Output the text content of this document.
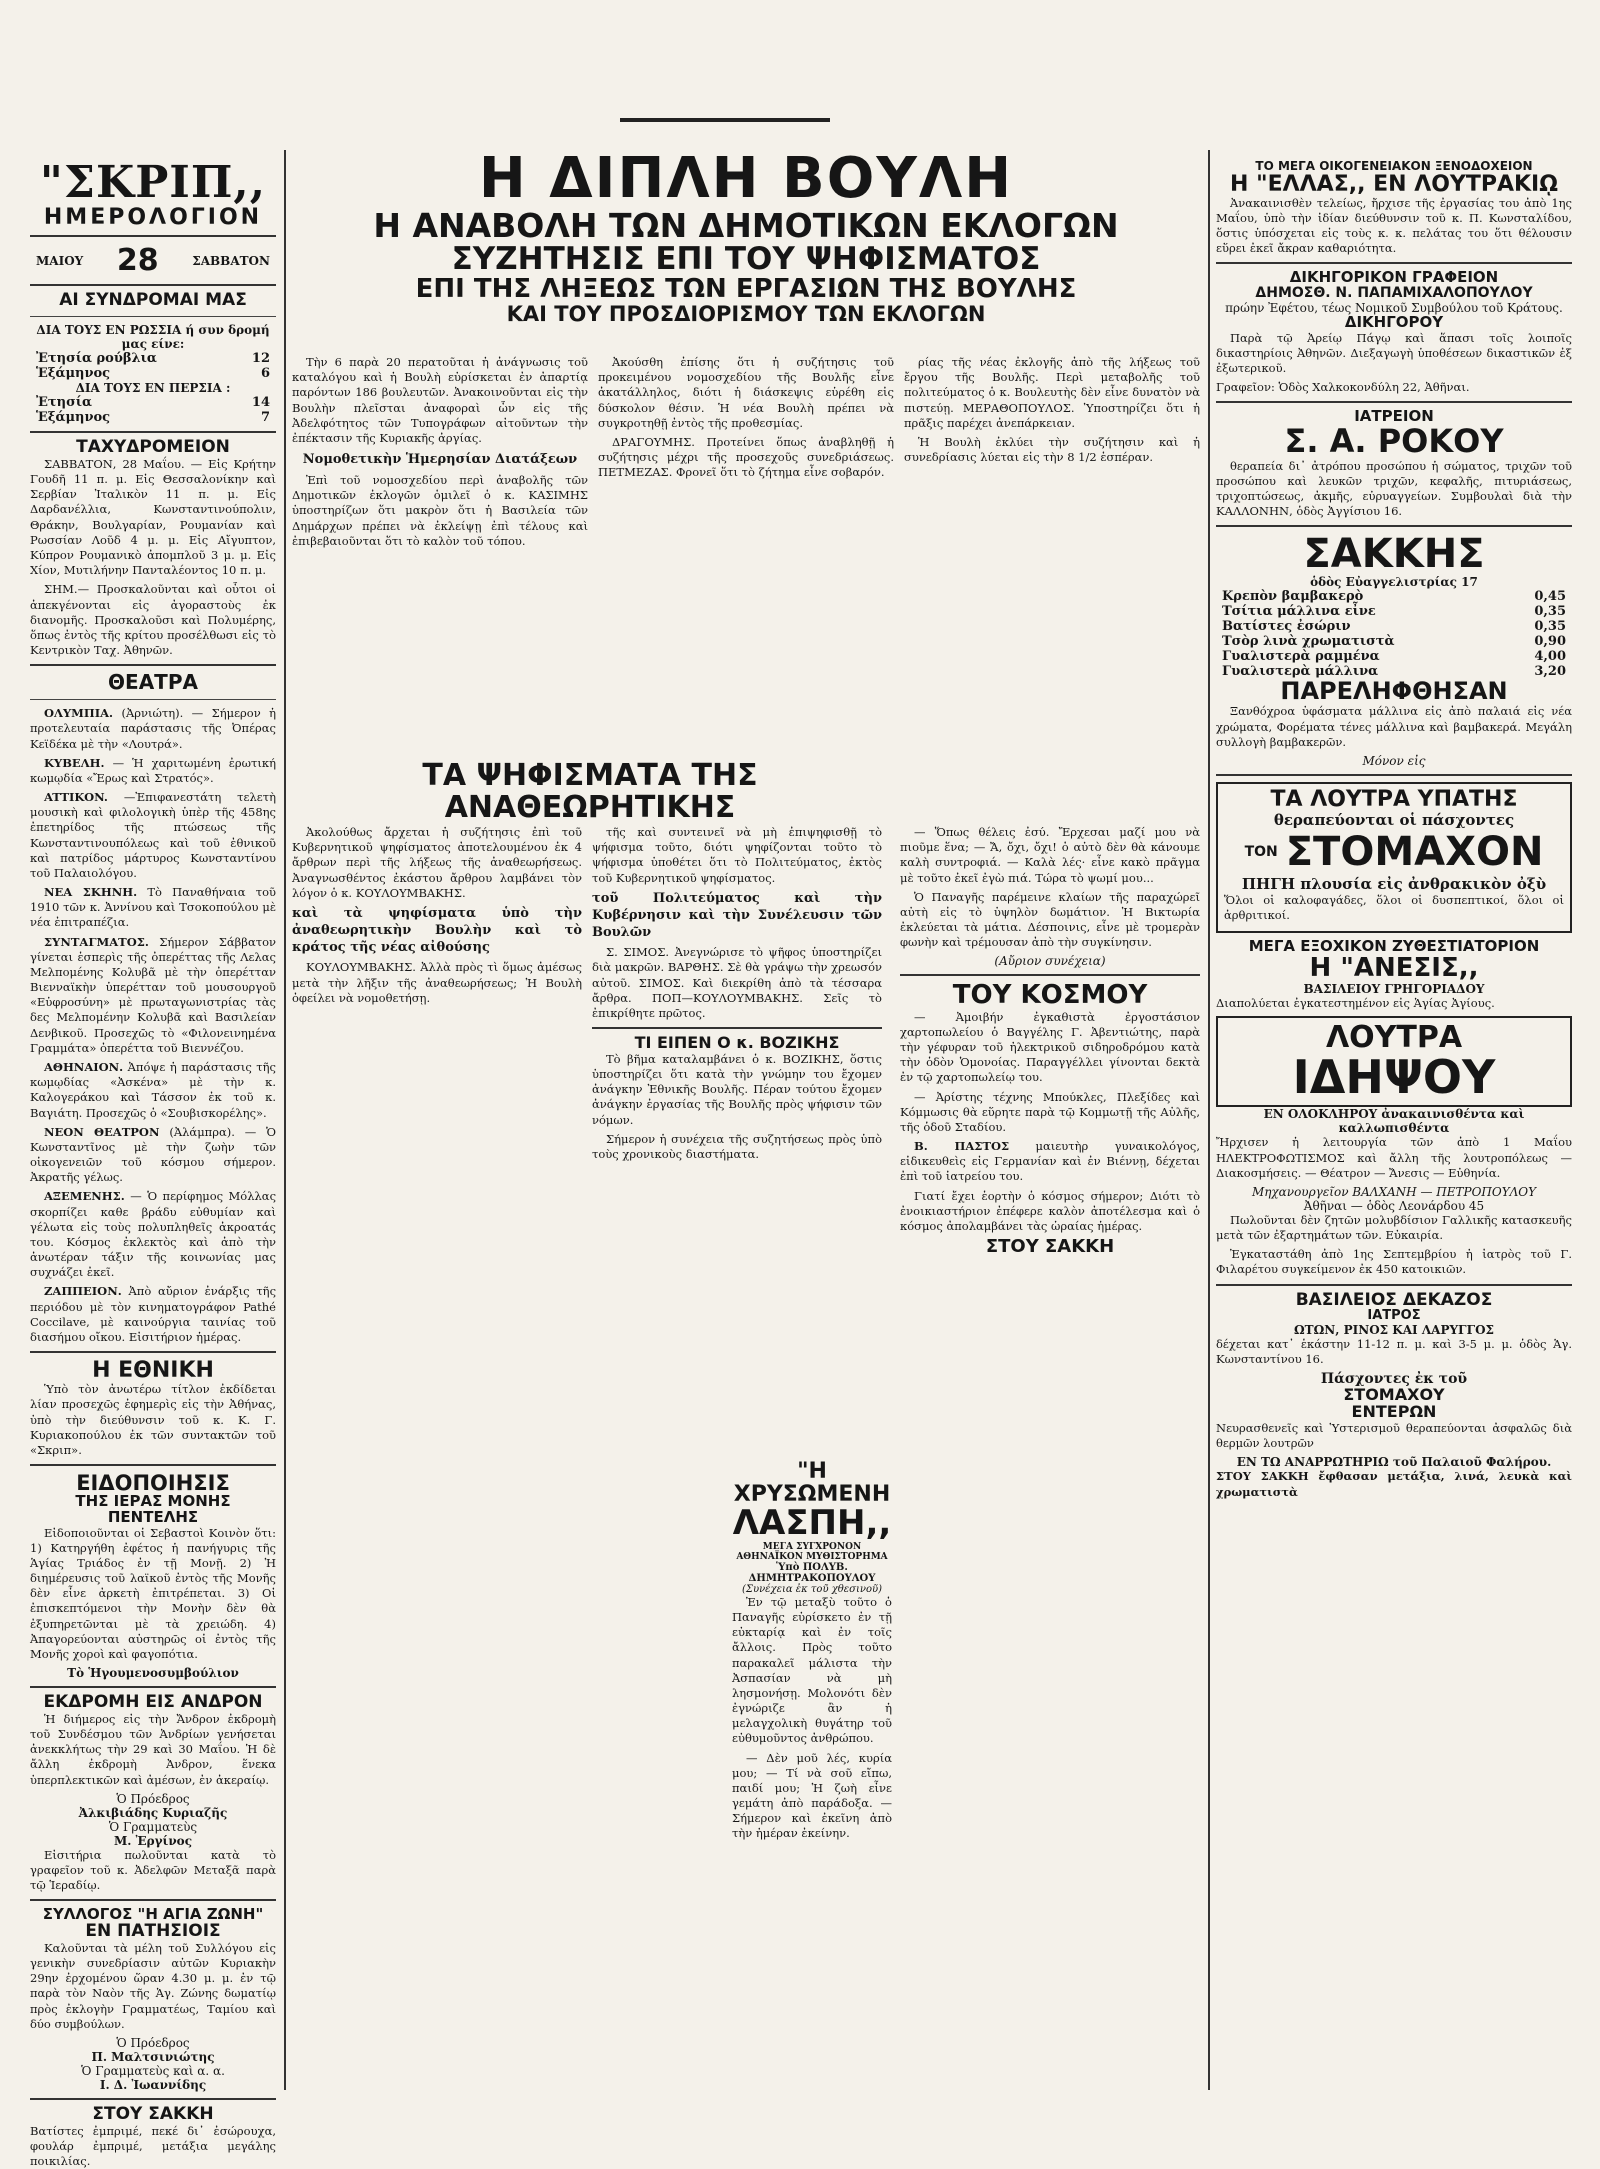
"ΣΚΡΙΠ,,
ΗΜΕΡΟΛΟΓΙΟΝ
ΜΑΙΟΥ 28	ΣΑΒΒΑΤΟΝ
ΑΙ ΣΥΝΔΡΟΜΑΙ ΜΑΣ
ΔΙΑ ΤΟΥΣ ΕΝ ΡΩΣΣΙΑ ή συν δρομή μας είνε:
Ἐτησία ρούβλια	12
Ἑξάμηνος	6
ΔΙΑ ΤΟΥΣ ΕΝ ΠΕΡΣΙΑ :
Ἐτησία	14
Ἑξάμηνος	7
ΤΑΧΥΔΡΟΜΕΙΟΝ

ΣΑΒΒΑΤΟΝ, 28 Μαΐου. — Εἰς Κρήτην Γουδῆ 11 π. μ. Εἰς Θεσσαλονίκην καὶ Σερβίαν Ἰταλικὸν 11 π. μ. Εἰς Δαρδανέλλια, Κωνσταντινούπολιν, Θράκην, Βουλγαρίαν, Ρουμανίαν καὶ Ρωσσίαν Λοῦδ 4 μ. μ. Εἰς Αἴγυπτον, Κύπρον Ρουμανικὸ ἀπομπλοῦ 3 μ. μ. Εἰς Χίον, Μυτιλήνην Πανταλέοντος 10 π. μ.

ΣΗΜ.— Προσκαλοῦνται καὶ οὗτοι οἱ ἀπεκγένονται εἰς ἀγοραστοὺς ἐκ διανομῆς. Προσκαλοῦσι καὶ Πολυμέρης, ὅπως ἐντὸς τῆς κρίτου προσέλθωσι εἰς τὸ Κεντρικὸν Ταχ. Ἀθηνῶν.

ΘΕΑΤΡΑ

ΟΛΥΜΠΙΑ. (Ἀρνιώτη). — Σήμερον ἡ προτελευταία παράστασις τῆς Ὀπέρας Κεϊδέκα μὲ τὴν «Λουτρά».

ΚΥΒΕΛΗ. — Ἡ χαριτωμένη ἐρωτική κωμῳδία «Ἔρως καὶ Στρατός».

ATTIKON. —Ἐπιφανεστάτη τελετὴ μουσικὴ καὶ φιλολογικὴ ὑπὲρ τῆς 458ης ἐπετηρίδος τῆς πτώσεως τῆς Κωνσταντινουπόλεως καὶ τοῦ ἐθνικοῦ καὶ πατρίδος μάρτυρος Κωνσταντίνου τοῦ Παλαιολόγου.

ΝΕΑ ΣΚΗΝΗ. Τὸ Παναθήναια τοῦ 1910 τῶν κ. Ἀννίνου καὶ Τσοκοπούλου μὲ νέα ἐπιτραπέζια.

ΣΥΝΤΑΓΜΑΤΟΣ. Σήμερον Σάββατον γίνεται ἑσπερὶς τῆς ὀπερέττας τῆς Λελας Μελπομένης Κολυβᾶ μὲ τὴν ὀπερέτταν Βιενναϊκὴν ὑπερέτταν τοῦ μουσουργοῦ «Εὐφροσύνη» μὲ πρωταγωνιστρίας τὰς δες Μελπομένην Κολυβᾶ καὶ Βασιλείαν Δενβικοῦ. Προσεχῶς τὸ «Φιλονεινημένα Γραμμάτα» ὀπερέττα τοῦ Βιεννέζου.

ΑΘΗΝΑΙΟΝ. Ἀπόψε ἡ παράστασις τῆς κωμῳδίας «Ἀσκένα» μὲ τὴν κ. Καλογεράκου καὶ Τάσσον ἐκ τοῦ κ. Βαγιάτη. Προσεχῶς ὁ «Σουβισκορέλης».

ΝΕΟΝ ΘΕΑΤΡΟΝ (Ἀλάμπρα). — Ὁ Κωνσταντῖνος μὲ τὴν ζωὴν τῶν οἰκογενειῶν τοῦ κόσμου σήμερον. Ἀκρατῆς γέλως.

ΑΞΕΜΕΝΗΣ. — Ὁ περίφημος Μόλλας σκορπίζει καθε βράδυ εὐθυμίαν καὶ γέλωτα εἰς τοὺς πολυπληθεῖς ἀκροατάς του. Κόσμος ἐκλεκτὸς καὶ ἀπὸ τὴν ἀνωτέραν τάξιν τῆς κοινωνίας μας συχνάζει ἐκεῖ.

ΖΑΠΠΕΙΟΝ. Ἀπὸ αὔριον ἐνάρξις τῆς περιόδου μὲ τὸν κινηματογράφον Pathé Coccilave, μὲ καινούργια ταινίας τοῦ διασήμου οἴκου. Εἰσιτήριον ἡμέρας.

Η ΕΘΝΙΚΗ

Ὑπὸ τὸν ἀνωτέρω τίτλον ἐκδίδεται λίαν προσεχῶς ἐφημερὶς εἰς τὴν Ἀθήνας, ὑπὸ τὴν διεύθυνσιν τοῦ κ. Κ. Γ. Κυριακοπούλου ἐκ τῶν συντακτῶν τοῦ «Σκριπ».

ΕΙΔΟΠΟΙΗΣΙΣ
ΤΗΣ ΙΕΡΑΣ ΜΟΝΗΣ ΠΕΝΤΕΛΗΣ

Εἰδοποιοῦνται οἱ Σεβαστοὶ Κοινὸν ὅτι: 1) Κατηργήθη ἐφέτος ἡ πανήγυρις τῆς Ἁγίας Τριάδος ἐν τῇ Μονῇ. 2) Ἡ διημέρευσις τοῦ λαϊκοῦ ἐντὸς τῆς Μονῆς δὲν εἶνε ἀρκετὴ ἐπιτρέπεται. 3) Οἱ ἐπισκεπτόμενοι τὴν Μονὴν δὲν θὰ ἐξυπηρετῶνται μὲ τὰ χρειώδη. 4) Ἀπαγορεύονται αὐστηρῶς οἱ ἐντὸς τῆς Μονῆς χοροὶ καὶ φαγοπότια.

Τὸ Ἡγουμενοσυμβούλιον
ΕΚΔΡΟΜΗ ΕΙΣ ΑΝΔΡΟΝ

Ἡ διήμερος εἰς τὴν Ἄνδρον ἐκδρομὴ τοῦ Συνδέσμου τῶν Ἀνδρίων γενήσεται ἀνεκκλήτως τὴν 29 καὶ 30 Μαΐου. Ἡ δὲ ἄλλη ἐκδρομὴ Ἀνδρον, ἕνεκα ὑπερπλεκτικῶν καὶ ἀμέσων, ἐν ἀκεραίῳ.

Ὁ Πρόεδρος
Ἀλκιβιάδης Κυριαζῆς
Ὁ Γραμματεὺς
Μ. Ἐργίνος

Εἰσιτήρια πωλοῦνται κατὰ τὸ γραφεῖον τοῦ κ. Ἀδελφῶν Μεταξᾶ παρὰ τῷ Ἱεραδίῳ.

ΣΥΛΛΟΓΟΣ "Η ΑΓΙΑ ΖΩΝΗ"
ΕΝ ΠΑΤΗΣΙΟΙΣ

Καλοῦνται τὰ μέλη τοῦ Συλλόγου εἰς γενικὴν συνεδρίασιν αὐτῶν Κυριακὴν 29ην ἐρχομένου ὥραν 4.30 μ. μ. ἐν τῷ παρὰ τὸν Ναὸν τῆς Ἁγ. Ζώνης δωματίῳ πρὸς ἐκλογὴν Γραμματέως, Ταμίου καὶ δύο συμβούλων.

Ὁ Πρόεδρος
Π. Μαλτσινιώτης
Ὁ Γραμματεὺς καὶ α. α.
Ι. Δ. Ἰωαννίδης
ΣΤΟΥ ΣΑΚΚΗ

Βατίστες ἐμπριμέ, πεκέ δι᾽ ἐσώρουχα, φουλάρ ἐμπριμέ, μετάξια μεγάλης ποικιλίας.

Η ΔΙΠΛΗ ΒΟΥΛΗ
Η ΑΝΑΒΟΛΗ ΤΩΝ ΔΗΜΟΤΙΚΩΝ ΕΚΛΟΓΩΝ
ΣΥΖΗΤΗΣΙΣ ΕΠΙ ΤΟΥ ΨΗΦΙΣΜΑΤΟΣ
ΕΠΙ ΤΗΣ ΛΗΞΕΩΣ ΤΩΝ ΕΡΓΑΣΙΩΝ ΤΗΣ ΒΟΥΛΗΣ
ΚΑΙ ΤΟΥ ΠΡΟΣΔΙΟΡΙΣΜΟΥ ΤΩΝ ΕΚΛΟΓΩΝ

Τὴν 6 παρὰ 20 περατοῦται ἡ ἀνάγνωσις τοῦ καταλόγου καὶ ἡ Βουλὴ εὑρίσκεται ἐν ἀπαρτίᾳ παρόντων 186 βουλευτῶν. Ἀνακοινοῦνται εἰς τὴν Βουλὴν πλεῖσται ἀναφοραὶ ὧν εἰς τῆς Ἀδελφότητος τῶν Τυπογράφων αἰτοῦντων τὴν ἐπέκτασιν τῆς Κυριακῆς ἀργίας.

Νομοθετικὴν Ἡμερησίαν Διατάξεων

Ἐπὶ τοῦ νομοσχεδίου περὶ ἀναβολῆς τῶν Δημοτικῶν ἐκλογῶν ὁμιλεῖ ὁ κ. ΚΑΣΙΜΗΣ ὑποστηρίζων ὅτι μακρὸν ὅτι ἡ Βασιλεία τῶν Δημάρχων πρέπει νὰ ἐκλείψῃ ἐπὶ τέλους καὶ ἐπιβεβαιοῦνται ὅτι τὸ καλὸν τοῦ τόπου.

Ἀκούσθη ἐπίσης ὅτι ἡ συζήτησις τοῦ προκειμένου νομοσχεδίου τῆς Βουλῆς εἶνε ἀκατάλληλος, διότι ἡ διάσκεψις εὑρέθη εἰς δύσκολον θέσιν. Ἡ νέα Βουλὴ πρέπει νὰ συγκροτηθῇ ἐντὸς τῆς προθεσμίας.

ΔΡΑΓΟΥΜΗΣ. Προτείνει ὅπως ἀναβληθῇ ἡ συζήτησις μέχρι τῆς προσεχοῦς συνεδριάσεως. ΠΕΤΜΕΖΑΣ. Φρονεῖ ὅτι τὸ ζήτημα εἶνε σοβαρόν.

ρίας τῆς νέας ἐκλογῆς ἀπὸ τῆς λήξεως τοῦ ἔργου τῆς Βουλῆς. Περὶ μεταβολῆς τοῦ πολιτεύματος ὁ κ. Βουλευτὴς δὲν εἶνε δυνατὸν νὰ πιστεύῃ. ΜΕΡΑΘΟΠΟΥΛΟΣ. Ὑποστηρίζει ὅτι ἡ πρᾶξις παρέχει ἀνεπάρκειαν.

Ἡ Βουλὴ ἐκλύει τὴν συζήτησιν καὶ ἡ συνεδρίασις λύεται εἰς τὴν 8 1/2 ἑσπέραν.

ΤΑ ΨΗΦΙΣΜΑΤΑ ΤΗΣ ΑΝΑΘΕΩΡΗΤΙΚΗΣ

Ἀκολούθως ἄρχεται ἡ συζήτησις ἐπὶ τοῦ Κυβερνητικοῦ ψηφίσματος ἀποτελουμένου ἐκ 4 ἄρθρων περὶ τῆς λήξεως τῆς ἀναθεωρήσεως. Ἀναγνωσθέντος ἐκάστου ἄρθρου λαμβάνει τὸν λόγον ὁ κ. ΚΟΥΛΟΥΜΒΑΚΗΣ.

καὶ τὰ ψηφίσματα ὑπὸ τὴν ἀναθεωρητικὴν Βουλὴν καὶ τὸ κράτος τῆς νέας αἰθούσης

ΚΟΥΛΟΥΜΒΑΚΗΣ. Ἀλλὰ πρὸς τὶ ὅμως ἀμέσως μετὰ τὴν λῆξιν τῆς ἀναθεωρήσεως; Ἡ Βουλὴ ὀφείλει νὰ νομοθετήσῃ.

τῆς καὶ συντεινεῖ νὰ μὴ ἐπιψηφισθῇ τὸ ψήφισμα τοῦτο, διότι ψηφίζονται τοῦτο τὸ ψήφισμα ὑποθέτει ὅτι τὸ Πολιτεύματος, ἐκτὸς τοῦ Κυβερνητικοῦ ψηφίσματος.

τοῦ Πολιτεύματος καὶ τὴν Κυβέρνησιν καὶ τὴν Συνέλευσιν τῶν Βουλῶν

Σ. ΣΙΜΟΣ. Ἀνεγνώρισε τὸ ψῆφος ὑποστηρίζει διὰ μακρῶν. ΒΑΡΘΗΣ. Σὲ θὰ γράψω τὴν χρεωσόν αὐτοῦ. ΣΙΜΟΣ. Καὶ διεκρίθη ἀπὸ τὰ τέσσαρα ἄρθρα. ΠΟΠ—ΚΟΥΛΟΥΜΒΑΚΗΣ. Σεῖς τὸ ἐπικρίθητε πρῶτος.

ΤΙ ΕΙΠΕΝ Ο κ. ΒΟΖΙΚΗΣ

Τὸ βῆμα καταλαμβάνει ὁ κ. ΒΟΖΙΚΗΣ, ὅστις ὑποστηρίζει ὅτι κατὰ τὴν γνώμην του ἔχομεν ἀνάγκην Ἐθνικῆς Βουλῆς. Πέραν τούτου ἔχομεν ἀνάγκην ἐργασίας τῆς Βουλῆς πρὸς ψήφισιν τῶν νόμων.

Σήμερον ἡ συνέχεια τῆς συζητήσεως πρὸς ὑπὸ τοὺς χρονικοὺς διαστήματα.

— Ὅπως θέλεις ἐσύ. Ἔρχεσαι μαζί μου νὰ πιοῦμε ἕνα; — Ἄ, ὄχι, ὄχι! ὁ αὐτὸ δὲν θὰ κάνουμε καλὴ συντροφιά. — Καλὰ λές· εἶνε κακὸ πρᾶγμα μὲ τοῦτο ἐκεῖ ἐγὼ πιά. Τώρα τὸ ψωμί μου...

Ὁ Παναγῆς παρέμεινε κλαίων τῆς παραχώρεῖ αὐτὴ εἰς τὸ ὑψηλὸν δωμάτιον. Ἡ Βικτωρία ἐκλεύεται τὰ μάτια. Δέσποινις, εἶνε μὲ τρομερὰν φωνὴν καὶ τρέμουσαν ἀπὸ τὴν συγκίνησιν.

(Αὔριον συνέχεια)
ΤΟΥ ΚΟΣΜΟΥ

— Ἀμοιβήν ἐγκαθιστὰ ἐργοστάσιον χαρτοπωλείου ὁ Βαγγέλης Γ. Ἀβεντιώτης, παρὰ τὴν γέφυραν τοῦ ἠλεκτρικοῦ σιδηροδρόμου κατὰ τὴν ὁδὸν Ὁμονοίας. Παραγγέλλει γίνονται δεκτὰ ἐν τῷ χαρτοπωλείῳ του.

— Ἀρίστης τέχνης Μπούκλες, Πλεξίδες καὶ Κόμμωσις θὰ εὕρητε παρὰ τῷ Κομμωτῇ τῆς Αὐλῆς, τῆς ὁδοῦ Σταδίου.

Β. ΠΑΣΤΟΣ μαιευτὴρ γυναικολόγος, εἰδικευθεὶς εἰς Γερμανίαν καὶ ἐν Βιέννῃ, δέχεται ἐπὶ τοῦ ἰατρείου του.

Γιατί ἔχει ἑορτὴν ὁ κόσμος σήμερον; Διότι τὸ ἐνοικιαστήριον ἐπέφερε καλὸν ἀποτέλεσμα καὶ ὁ κόσμος ἀπολαμβάνει τὰς ὡραίας ἡμέρας.

ΣΤΟΥ ΣΑΚΚΗ
"Η ΧΡΥΣΩΜΕΝΗ
ΛΑΣΠΗ,,
ΜΕΓΑ ΣΥΓΧΡΟΝΟΝ ΑΘΗΝΑΪΚΟΝ ΜΥΘΙΣΤΟΡΗΜΑ
Ὑπὸ ΠΟΛΥΒ. ΔΗΜΗΤΡΑΚΟΠΟΥΛΟΥ
(Συνέχεια ἐκ τοῦ χθεσινοῦ)

Ἐν τῷ μεταξὺ τοῦτο ὁ Παναγῆς εὑρίσκετο ἐν τῇ εὐκταρίᾳ καὶ ἐν τοῖς ἄλλοις. Πρὸς τοῦτο παρακαλεῖ μάλιστα τὴν Ἀσπασίαν νὰ μὴ λησμονήσῃ. Μολονότι δὲν ἐγνώριζε ἂν ἡ μελαγχολικὴ θυγάτηρ τοῦ εὐθυμοῦντος ἀνθρώπου.

— Δὲν μοῦ λές, κυρία μου; — Τί νὰ σοῦ εἴπω, παιδί μου; Ἡ ζωὴ εἶνε γεμάτη ἀπὸ παράδοξα. — Σήμερον καὶ ἐκεῖνη ἀπὸ τὴν ἡμέραν ἐκείνην.

ΤΟ ΜΕΓΑ ΟΙΚΟΓΕΝΕΙΑΚΟΝ ΞΕΝΟΔΟΧΕΙΟΝ
Η "ΕΛΛΑΣ,, ΕΝ ΛΟΥΤΡΑΚΙῼ

Ἀνακαινισθὲν τελείως, ἤρχισε τῆς ἐργασίας του ἀπὸ 1ης Μαΐου, ὑπὸ τὴν ἰδίαν διεύθυνσιν τοῦ κ. Π. Κωνσταλίδου, ὅστις ὑπόσχεται εἰς τοὺς κ. κ. πελάτας του ὅτι θέλουσιν εὕρει ἐκεῖ ἄκραν καθαριότητα.

ΔΙΚΗΓΟΡΙΚΟΝ ΓΡΑΦΕΙΟΝ
ΔΗΜΟΣΘ. Ν. ΠΑΠΑΜΙΧΑΛΟΠΟΥΛΟΥ
πρώην Ἐφέτου, τέως Νομικοῦ Συμβούλου τοῦ Κράτους.
ΔΙΚΗΓΟΡΟΥ

Παρὰ τῷ Ἀρείῳ Πάγῳ καὶ ἅπασι τοῖς λοιποῖς δικαστηρίοις Ἀθηνῶν. Διεξαγωγὴ ὑποθέσεων δικαστικῶν ἐξ ἐξωτερικοῦ.

Γραφεῖον: Ὁδὸς Χαλκοκονδύλη 22, Ἀθῆναι.

ΙΑΤΡΕΙΟΝ
Σ. Α. ΡΟΚΟΥ

θεραπεία δι᾽ ἀτρόπου προσώπου ἡ σώματος, τριχῶν τοῦ προσώπου καὶ λευκῶν τριχῶν, κεφαλῆς, πιτυριάσεως, τριχοπτώσεως, ἀκμῆς, εὐρυαγγείων. Συμβουλαὶ διὰ τὴν ΚΑΛΛΟΝΗΝ, ὁδὸς Ἀγγίσιου 16.

ΣΑΚΚΗΣ
ὁδὸς Εὐαγγελιστρίας 17
Κρεπὸν βαμβακερὸ	0,45
Τσίτια μάλλινα εἶνε	0,35
Βατίστες ἐσώριν	0,35
Τσὸρ λινὰ χρωματιστὰ	0,90
Γυαλιστερὰ ραμμένα	4,00
Γυαλιστερὰ μάλλινα	3,20
ΠΑΡΕΛΗΦΘΗΣΑΝ

Ξανθόχροα ὑφάσματα μάλλινα εἰς ἀπὸ παλαιά εἰς νέα χρώματα, Φορέματα τένες μάλλινα καὶ βαμβακερά. Μεγάλη συλλογὴ βαμβακερῶν.

Μόνον εἰς
ΤΑ ΛΟΥΤΡΑ ΥΠΑΤΗΣ
θεραπεύονται οἱ πάσχοντες
ΤΟΝ ΣΤΟΜΑΧΟΝ
ΠΗΓΗ πλουσία εἰς ἀνθρακικὸν ὀξὺ

Ὅλοι οἱ καλοφαγάδες, ὅλοι οἱ δυσπεπτικοί, ὅλοι οἱ ἀρθριτικοί.

ΜΕΓΑ ΕΞΟΧΙΚΟΝ ΖΥΘΕΣΤΙΑΤΟΡΙΟΝ
Η "ΑΝΕΣΙΣ,,
ΒΑΣΙΛΕΙΟΥ ΓΡΗΓΟΡΙΑΔΟΥ

Διαπολύεται ἐγκατεστημένον εἰς Ἁγίας Ἀγίους.

ΛΟΥΤΡΑ
ΙΔΗΨΟΥ
ΕΝ ΟΛΟΚΛΗΡΟΥ ἀνακαινισθέντα καὶ καλλωπισθέντα

Ἤρχισεν ἡ λειτουργία τῶν ἀπὸ 1 Μαΐου ΗΛΕΚΤΡΟΦΩΤΙΣΜΟΣ καὶ ἄλλη τῆς λουτροπόλεως — Διακοσμήσεις. — Θέατρον — Ἄνεσις — Εὐθηνία.

Μηχανουργεῖον ΒΑΛΧΑΝΗ — ΠΕΤΡΟΠΟΥΛΟΥ
Ἀθῆναι — ὁδὸς Λεονάρδου 45

Πωλοῦνται δὲν ζητῶν μολυβδίσιον Γαλλικῆς κατασκευῆς μετὰ τῶν ἐξαρτημάτων τῶν. Εὐκαιρία.

Ἐγκαταστάθη ἀπὸ 1ης Σεπτεμβρίου ἡ ἰατρὸς τοῦ Γ. Φιλαρέτου συγκείμενον ἐκ 450 κατοικιῶν.

ΒΑΣΙΛΕΙΟΣ ΔΕΚΑΖΟΣ
ΙΑΤΡΟΣ
ΩΤΩΝ, ΡΙΝΟΣ ΚΑΙ ΛΑΡΥΓΓΟΣ

δέχεται κατ᾽ ἑκάστην 11-12 π. μ. καὶ 3-5 μ. μ. ὁδὸς Ἁγ. Κωνσταντίνου 16.

Πάσχοντες ἐκ τοῦ
ΣΤΟΜΑΧΟΥ
ΕΝΤΕΡΩΝ

Νευρασθενεῖς καὶ Ὑστερισμοῦ θεραπεύονται ἀσφαλῶς διὰ θερμῶν λουτρῶν

ΕΝ ΤΩ ΑΝΑΡΡΩΤΗΡΙΩ τοῦ Παλαιοῦ Φαλήρου.

ΣΤΟΥ ΣΑΚΚΗ ἔφθασαν μετάξια, λινά, λευκὰ καὶ χρωματιστὰ
